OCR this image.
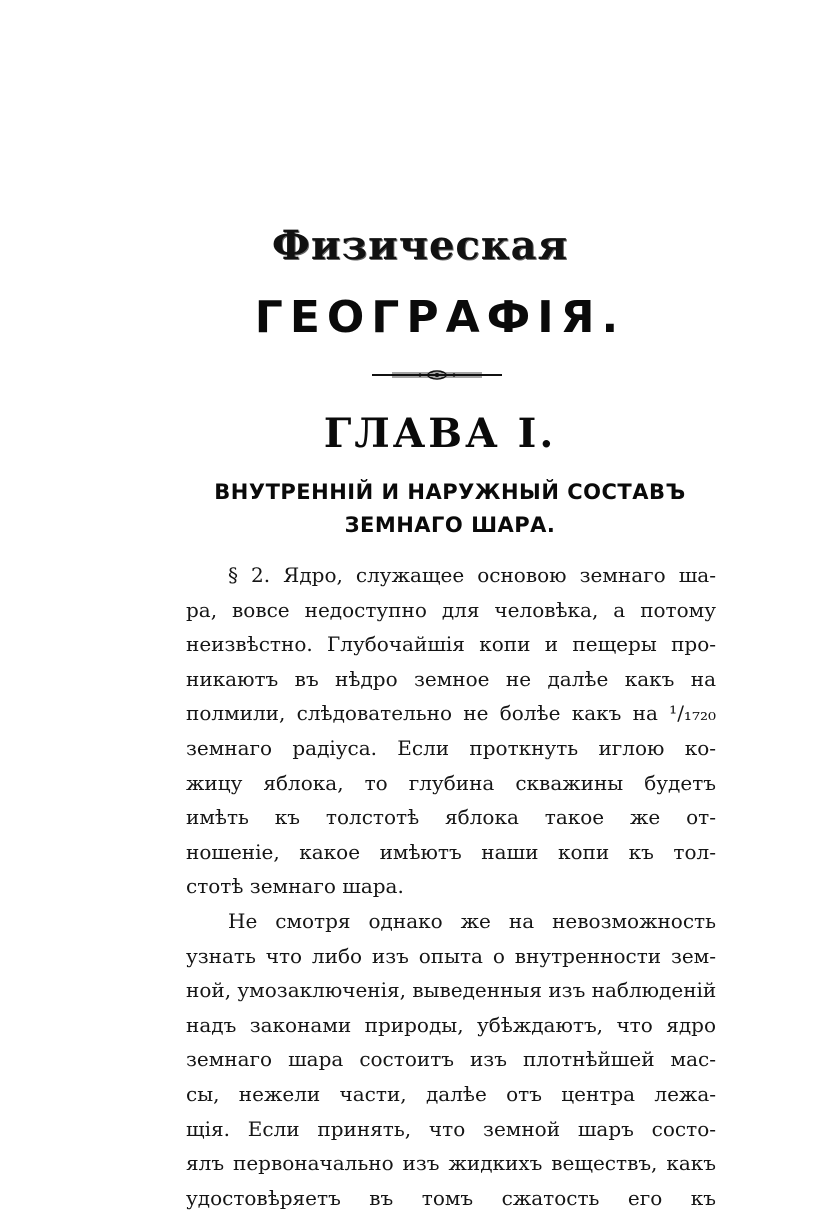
Физическая
ГЕОГРАФІЯ.
ГЛАВА I.
ВНУТРЕННІЙ И НАРУЖНЫЙ СОСТАВЪ
ЗЕМНАГО ШАРА.
§ 2. Ядро, служащее основою земнаго ша-
ра, вовсе недоступно для человѣка, а потому
неизвѣстно. Глубочайшія копи и пещеры про-
никаютъ въ нѣдро земное не далѣе какъ на
полмили, слѣдовательно не болѣе какъ на ¹/₁₇₂₀
земнаго радіуса. Если проткнуть иглою ко-
жицу яблока, то глубина скважины будетъ
имѣть къ толстотѣ яблока такое же от-
ношеніе, какое имѣютъ наши копи къ тол-
стотѣ земнаго шара.
Не смотря однако же на невозможность
узнать что либо изъ опыта о внутренности зем-
ной, умозаключенія, выведенныя изъ наблюденій
надъ законами природы, убѣждаютъ, что ядро
земнаго шара состоитъ изъ плотнѣйшей мас-
сы, нежели части, далѣе отъ центра лежа-
щія. Если принять, что земной шаръ состо-
ялъ первоначально изъ жидкихъ веществъ, какъ
удостовѣряетъ въ томъ сжатость его къ
